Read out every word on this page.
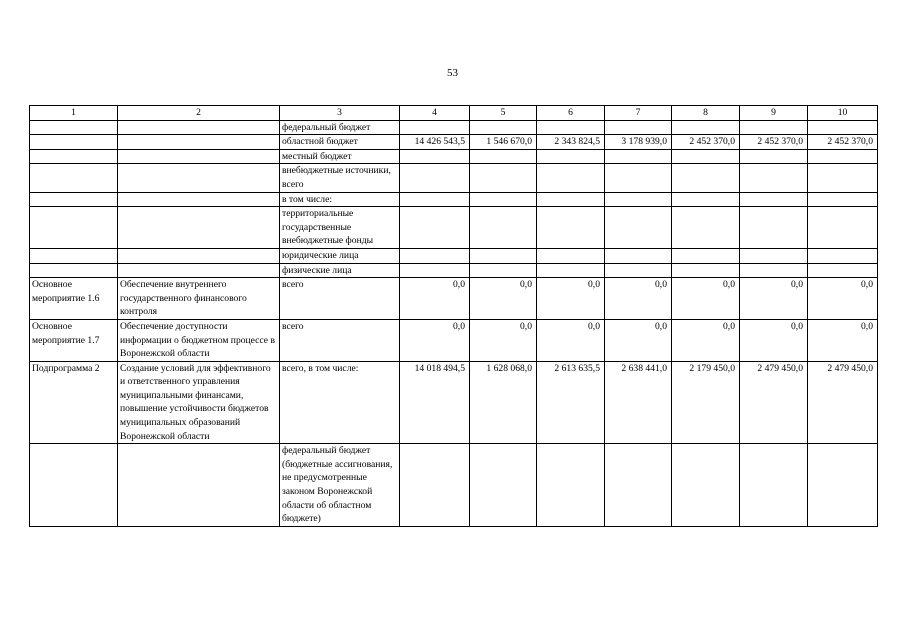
53
1	2	3	4	5	6	7	8	9	10
		федеральный бюджет							
		областной бюджет	14 426 543,5	1 546 670,0	2 343 824,5	3 178 939,0	2 452 370,0	2 452 370,0	2 452 370,0
		местный бюджет							
		внебюджетные источники, всего							
		в том числе:							
		территориальные государственные внебюджетные фонды							
		юридические лица							
		физические лица							
Основное мероприятие 1.6	Обеспечение внутреннего государственного финансового контроля	всего	0,0	0,0	0,0	0,0	0,0	0,0	0,0
Основное мероприятие 1.7	Обеспечение доступности информации о бюджетном процессе в Воронежской области	всего	0,0	0,0	0,0	0,0	0,0	0,0	0,0
Подпрограмма 2	Создание условий для эффективного и ответственного управления муниципальными финансами, повышение устойчивости бюджетов муниципальных образований Воронежской области	всего, в том числе:	14 018 494,5	1 628 068,0	2 613 635,5	2 638 441,0	2 179 450,0	2 479 450,0	2 479 450,0
		федеральный бюджет (бюджетные ассигнования, не предусмотренные законом Воронежской области об областном бюджете)							
